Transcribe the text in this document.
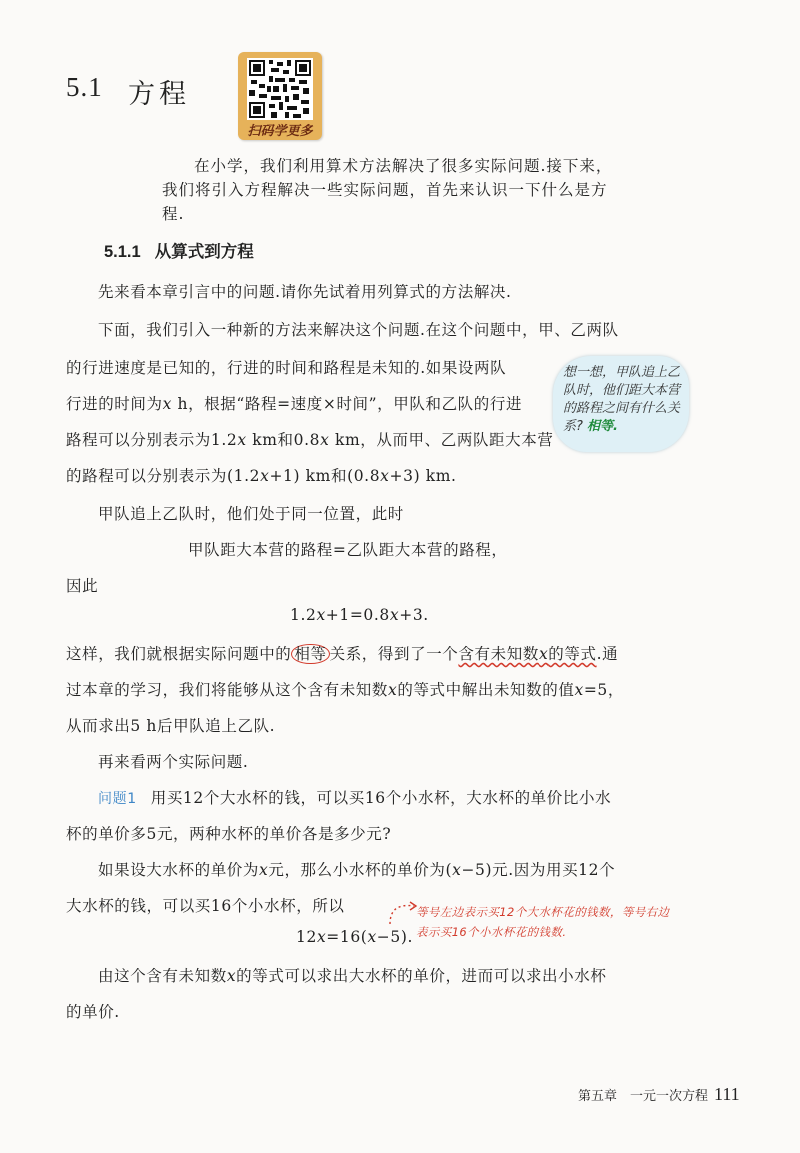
5.1 方程
扫码学更多
在小学，我们利用算术方法解决了很多实际问题.接下来，
我们将引入方程解决一些实际问题，首先来认识一下什么是方
程.
5.1.1 从算式到方程
先来看本章引言中的问题.请你先试着用列算式的方法解决.
下面，我们引入一种新的方法来解决这个问题.在这个问题中，甲、乙两队
的行进速度是已知的，行进的时间和路程是未知的.如果设两队
行进的时间为x h，根据“路程=速度×时间”，甲队和乙队的行进
路程可以分别表示为1.2x km和0.8x km，从而甲、乙两队距大本营
的路程可以分别表示为(1.2x+1) km和(0.8x+3) km.
甲队追上乙队时，他们处于同一位置，此时
甲队距大本营的路程=乙队距大本营的路程，
因此
1.2x+1=0.8x+3.
这样，我们就根据实际问题中的 相等 关系，得到了一个含有未知数x的等式.通
过本章的学习，我们将能够从这个含有未知数x的等式中解出未知数的值x=5，
从而求出5 h后甲队追上乙队.
再来看两个实际问题.
问题1 用买12个大水杯的钱，可以买16个小水杯，大水杯的单价比小水
杯的单价多5元，两种水杯的单价各是多少元?
如果设大水杯的单价为x元，那么小水杯的单价为(x−5)元.因为用买12个
大水杯的钱，可以买16个小水杯，所以
12x=16(x−5).
由这个含有未知数x的等式可以求出大水杯的单价，进而可以求出小水杯
的单价.
想一想，甲队追上乙队时，他们距大本营的路程之间有什么关系? 相等.
等号左边表示买12个大水杯花的钱数，等号右边
表示买16个小水杯花的钱数.
第五章　一元一次方程 111
